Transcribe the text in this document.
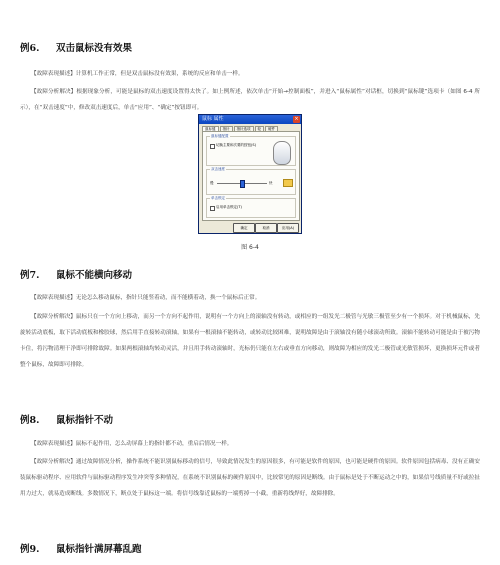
例6. 双击鼠标没有效果
【故障表现描述】计算机工作正常，但是双击鼠标没有效果，系统的反应和单击一样。
【故障分析解决】根据现象分析，可能是鼠标的双击速度设置得太快了。如上例所述，依次单击“开始→控制面板”，并进入“鼠标属性”对话框，切换到“鼠标键”选项卡（如图 6-4 所示），在“双击速度”中，修改双击速度后，单击“应用”、“确定”按钮即可。
鼠标 属性	×
鼠标键	指针	指针选项	轮	硬件
鼠标键配置
切换主要和次要的按钮(S)
双击速度
慢	快
单击锁定
启用单击锁定(T)
确定	取消	应用(A)
图 6-4
例7. 鼠标不能横向移动
【故障表现描述】无论怎么移动鼠标，指针只能竖着动，而不能横着动，换一个鼠标后正常。
【故障分析解决】鼠标只在一个方向上移动，而另一个方向不起作用，说明有一个方向上的滚轴没有转动，或相应的一组发光二极管与光敏三极管至少有一个损坏。对于机械鼠标，先旋转活动底板，取下活动底板和橡胶球，然后用手直接转动滚轴，如果有一根滚轴不能转动，或转动比较困难，说明故障是由于滚轴没有随小球滚动所致。滚轴不能转动可能是由于被污物卡住，将污物清理干净即可排除故障。如果两根滚轴均转动灵活，并且用手转动滚轴时，光标仍只能在左右或垂直方向移动，则故障为相应的发光二极管或光敏管损坏，更换损坏元件或者整个鼠标，故障即可排除。
例8. 鼠标指针不动
【故障表现描述】鼠标不起作用，怎么动屏幕上的指针都不动，重启后情况一样。
【故障分析解决】通过故障情况分析，操作系统不能识别鼠标移动的信号，导致此情况发生的原因很多，有可能是软件的原因，也可能是硬件的原因。软件原因包括病毒、没有正确安装鼠标驱动程序、应用软件与鼠标驱动程序发生冲突等多种情况，在系统不识别鼠标的硬件原因中，比较常见的原因是断线。由于鼠标是处于不断运动之中的，如果信号线质量不好或拉扯用力过大，就易造成断线。多数情况下，断点处于鼠标这一端。将信号线靠近鼠标的一端剪掉一小截，重新将线焊好，故障排除。
例9. 鼠标指针满屏幕乱跑
